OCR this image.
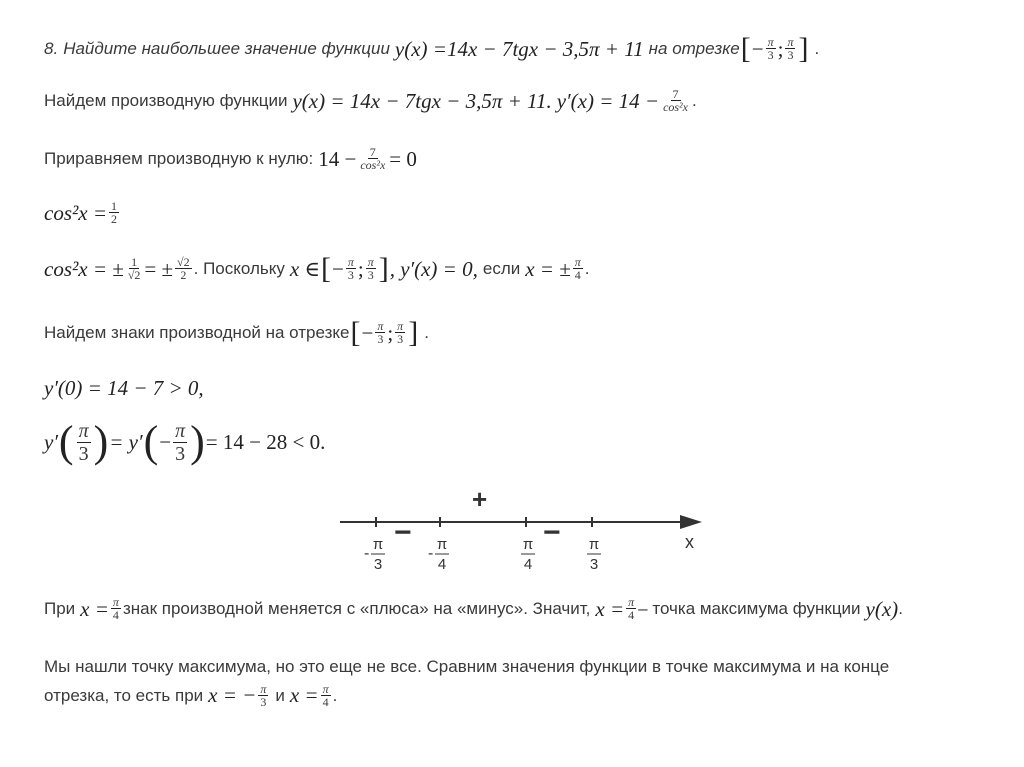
8. Найдите наибольшее значение функции y(x) = 14x − 7tgx − 3,5π + 11 на отрезке [ − $\frac{\pi}{3}$ ; $\frac{\pi}{3}$ ] .
Найдем производную функции y(x) = 14x − 7tgx − 3,5π + 11. $y'(x) = 14 - \frac{7}{\text{cos²x}}$ .
Приравняем производную к нулю: $14 - \frac{7}{\text{cos²x}} = 0$
$\cos^2x = \frac{1}{2}$
cos²x = ± $\frac{1}{√2}$ = ± $\frac{√2}{2}$ . Поскольку x ∈ [ − $\frac{\pi}{3}$ ; $\frac{\pi}{3}$ ] , y′(x) = 0, если x = ± $\frac{\pi}{4}$ .
Найдем знаки производной на отрезке [ − $\frac{\pi}{3}$ ; $\frac{\pi}{3}$ ] .
y′(0) = 14 − 7 > 0,
y′ ( $\frac{\pi}{3}$ ) = y′ ( − $\frac{\pi}{3}$ ) = 14 − 28 < 0.
x
+
−	−
-
π
3
-
π
4
π
4
π
3
При $x = \frac{\pi}{4}$ знак производной меняется с «плюса» на «минус». Значит, $x = \frac{\pi}{4}$ – точка максимума функции y(x) .
Мы нашли точку максимума, но это еще не все. Сравним значения функции в точке максимума и на конце
отрезка, то есть при x = − $\frac{\pi}{3}$ и $x = \frac{\pi}{4}$ .
